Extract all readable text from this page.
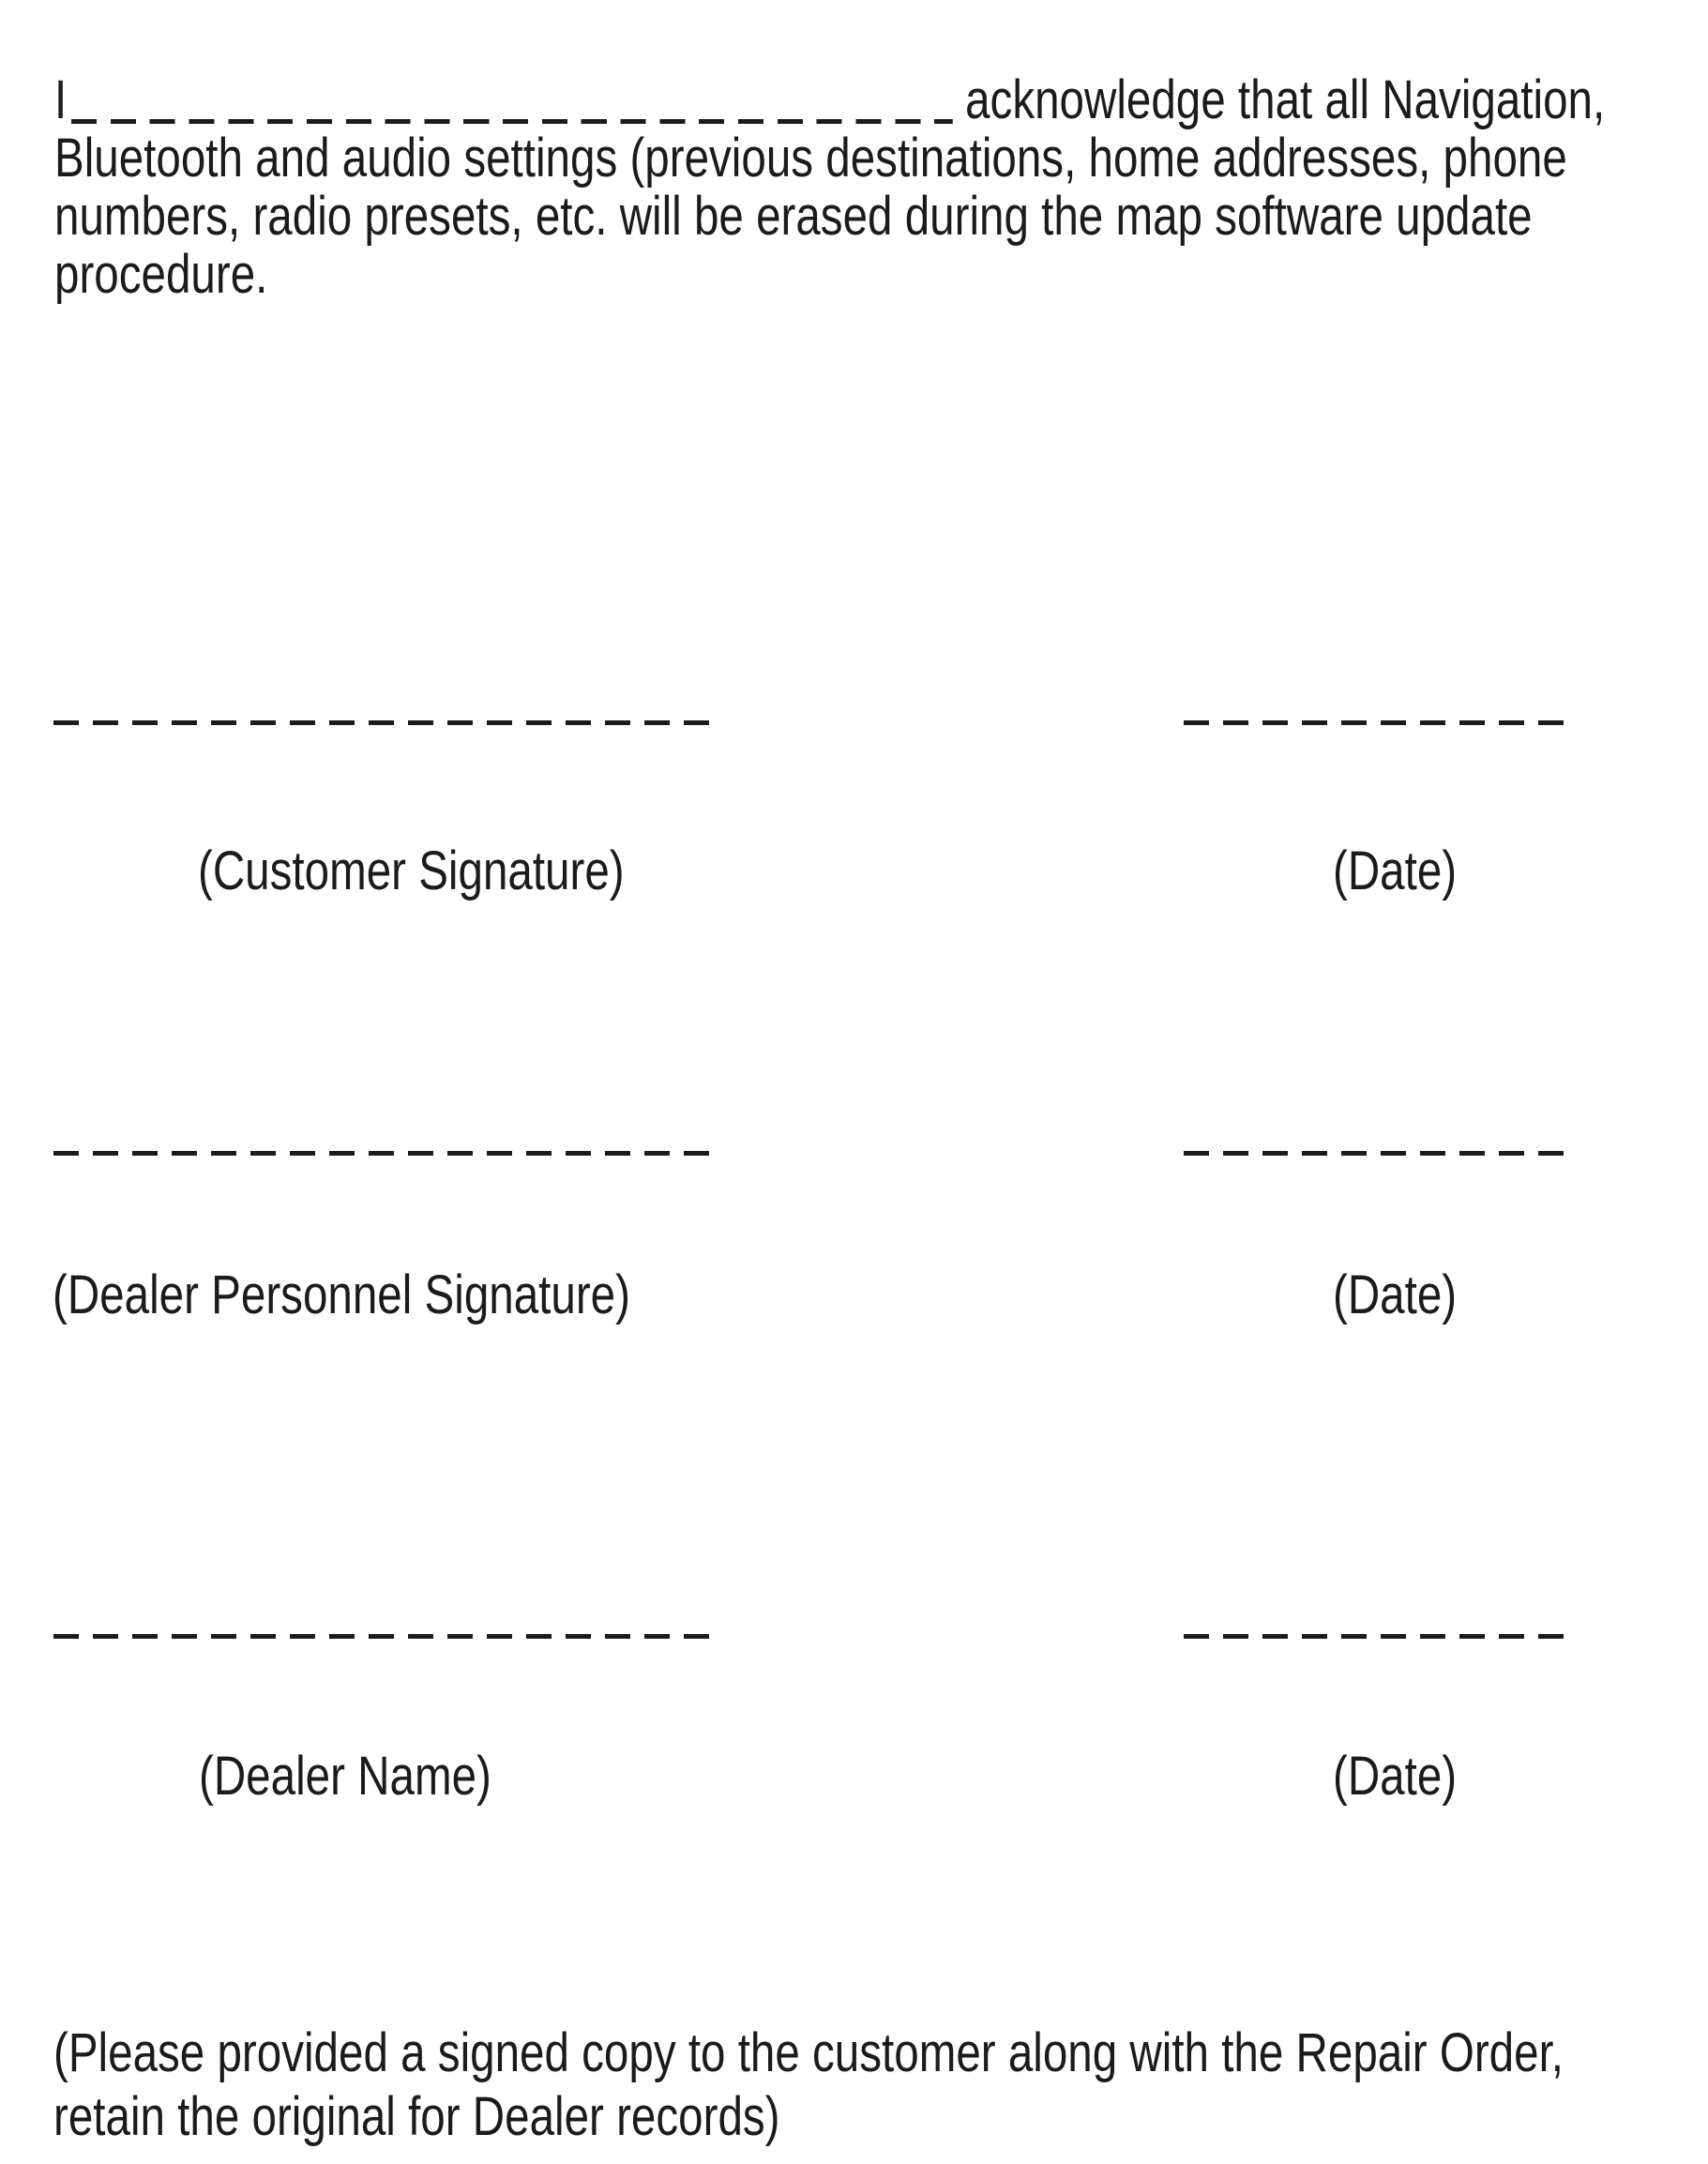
I	acknowledge that all Navigation,
Bluetooth and audio settings (previous destinations, home addresses, phone
numbers, radio presets, etc. will be erased during the map software update
procedure.
(Customer Signature)	(Date)
(Dealer Personnel Signature)	(Date)
(Dealer Name)	(Date)
(Please provided a signed copy to the customer along with the Repair Order,
retain the original for Dealer records)
